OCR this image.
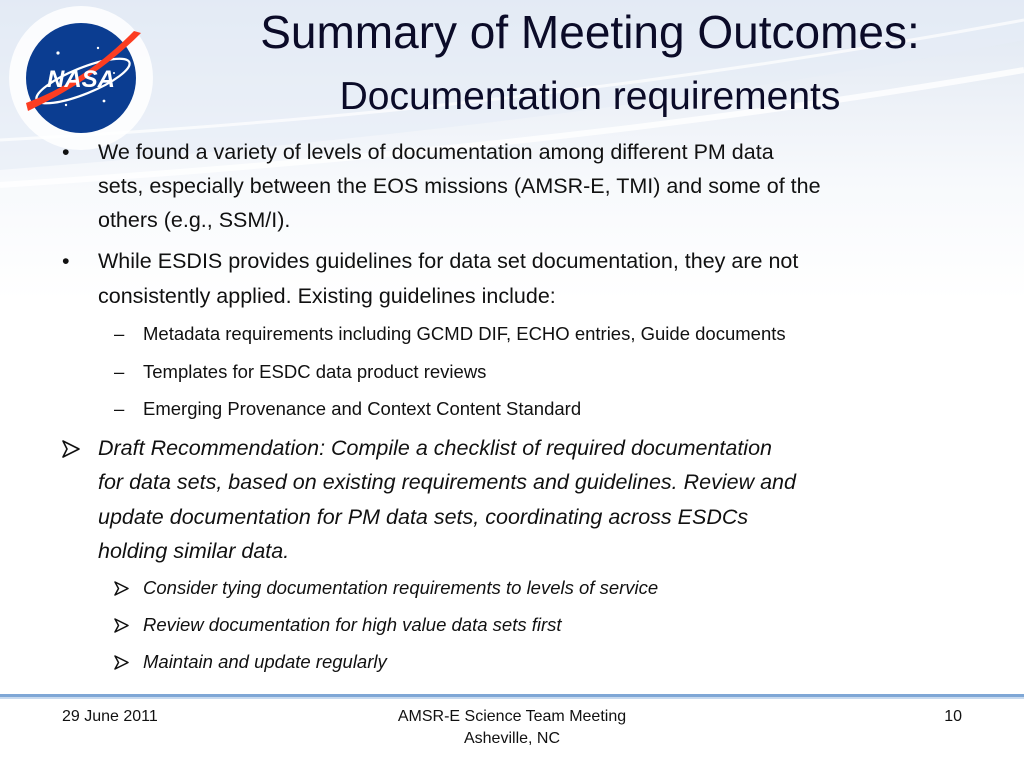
NASA
Summary of Meeting Outcomes:
Documentation requirements
• We found a variety of levels of documentation among different PM data
sets, especially between the EOS missions (AMSR-E, TMI) and some of the
others (e.g., SSM/I).
• While ESDIS provides guidelines for data set documentation, they are not
consistently applied. Existing guidelines include:
– Metadata requirements including GCMD DIF, ECHO entries, Guide documents
– Templates for ESDC data product reviews
– Emerging Provenance and Context Content Standard
Draft Recommendation: Compile a checklist of required documentation
for data sets, based on existing requirements and guidelines. Review and
update documentation for PM data sets, coordinating across ESDCs
holding similar data.
Consider tying documentation requirements to levels of service
Review documentation for high value data sets first
Maintain and update regularly
29 June 2011	AMSR-E Science Team Meeting
Asheville, NC
10
